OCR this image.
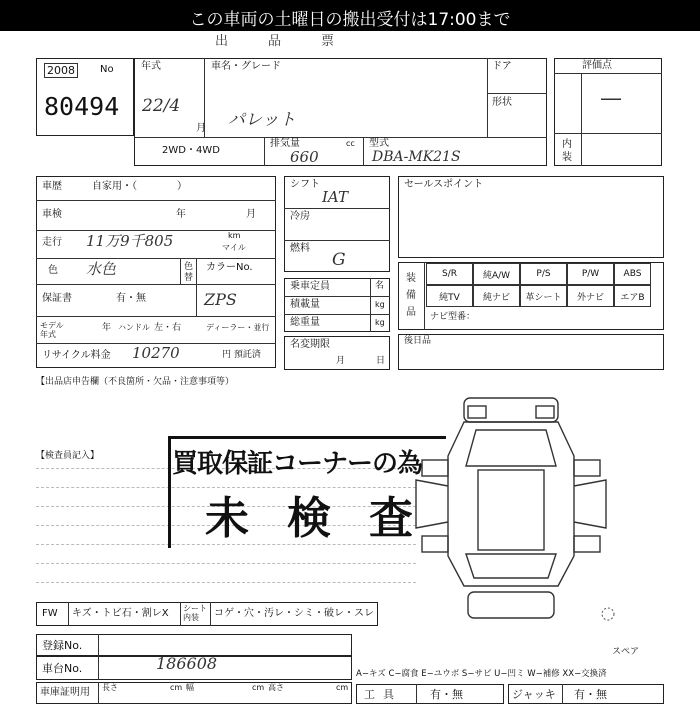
この車両の土曜日の搬出受付は17:00まで
出品票
2008	No
80494
年式
22/4
月
車名・グレード
パレット
ドア
形状
2WD・4WD
排気量	cc
660
型式
DBA-MK21S
評価点
—
内装
車歴	自家用・（　　　　）
車検	年	月
走行 11万9千805	km
マイル
色 水色	色替
カラーNo.
保証書	有・無	ZPS
モデル年式
年 ハンドル 左・右	ディーラー・並行
リサイクル料金 10270	円 預託済
シフト
IAT
冷房
燃料
G
乗車定員	名
積載量	kg
総重量	kg
名変期限
月	日
セールスポイント
装備品
S/R	純A/W	P/S	P/W	ABS
純TV	純ナビ	革シート	外ナビ	エアB
ナビ型番：
後日品
【出品店申告欄（不良箇所・欠品・注意事項等）
【検査員記入】	買取保証コーナーの為
未検査
スペア
FW キズ・トビ石・割レX シート内装	コゲ・穴・汚レ・シミ・破レ・スレ
登録No.
車台No.	186608
車庫証明用 長さ	cm 幅	cm 高さ	cm
A−キズ C−腐食 E−ユウボ S−サビ U−凹ミ W−補修 XX−交換済
工具	有・無	ジャッキ 有・無
